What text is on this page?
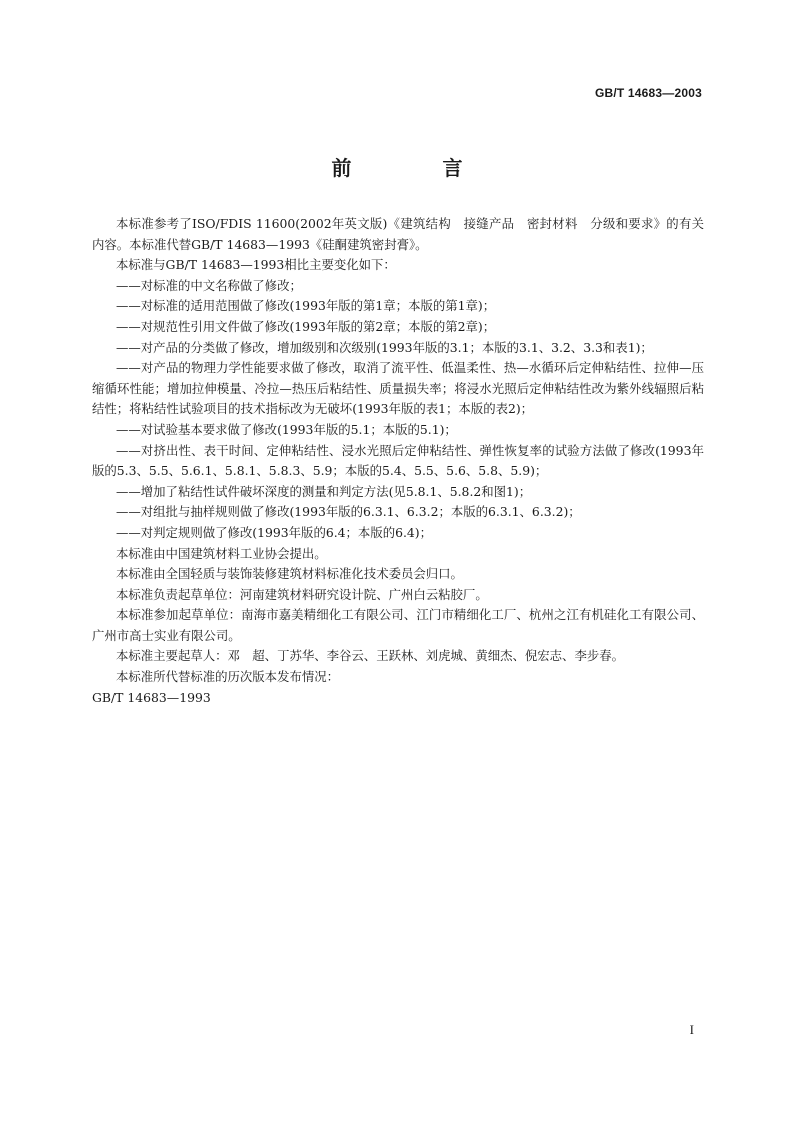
GB/T 14683—2003
前 言

本标准参考了ISO/FDIS 11600(2002年英文版)《建筑结构　接缝产品　密封材料　分级和要求》的有关内容。本标准代替GB/T 14683—1993《硅酮建筑密封膏》。

本标准与GB/T 14683—1993相比主要变化如下：

——对标准的中文名称做了修改；

——对标准的适用范围做了修改(1993年版的第1章；本版的第1章)；

——对规范性引用文件做了修改(1993年版的第2章；本版的第2章)；

——对产品的分类做了修改，增加级别和次级别(1993年版的3.1；本版的3.1、3.2、3.3和表1)；

——对产品的物理力学性能要求做了修改，取消了流平性、低温柔性、热—水循环后定伸粘结性、拉伸—压缩循环性能；增加拉伸模量、冷拉—热压后粘结性、质量损失率；将浸水光照后定伸粘结性改为紫外线辐照后粘结性；将粘结性试验项目的技术指标改为无破坏(1993年版的表1；本版的表2)；

——对试验基本要求做了修改(1993年版的5.1；本版的5.1)；

——对挤出性、表干时间、定伸粘结性、浸水光照后定伸粘结性、弹性恢复率的试验方法做了修改(1993年版的5.3、5.5、5.6.1、5.8.1、5.8.3、5.9；本版的5.4、5.5、5.6、5.8、5.9)；

——增加了粘结性试件破坏深度的测量和判定方法(见5.8.1、5.8.2和图1)；

——对组批与抽样规则做了修改(1993年版的6.3.1、6.3.2；本版的6.3.1、6.3.2)；

——对判定规则做了修改(1993年版的6.4；本版的6.4)；

本标准由中国建筑材料工业协会提出。

本标准由全国轻质与装饰装修建筑材料标准化技术委员会归口。

本标准负责起草单位：河南建筑材料研究设计院、广州白云粘胶厂。

本标准参加起草单位：南海市嘉美精细化工有限公司、江门市精细化工厂、杭州之江有机硅化工有限公司、广州市高士实业有限公司。

本标准主要起草人：邓　超、丁苏华、李谷云、王跃林、刘虎城、黄细杰、倪宏志、李步春。

本标准所代替标准的历次版本发布情况：

GB/T 14683—1993

I
